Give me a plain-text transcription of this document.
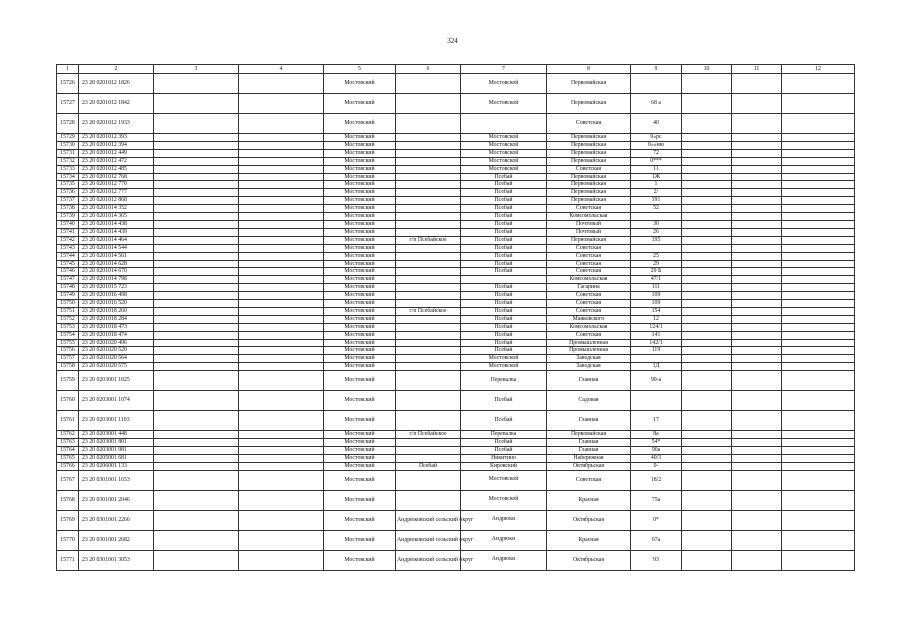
324
1	2	3	4	5	6	7	8	9	10	11	12
15726	23 20 0201012 1826			Мостовский		Мостовской	Первомайская				
15727	23 20 0201012 1842			Мостовский		Мостовской	Первомайская	68 а			
15728	23 20 0201012 1933			Мостовский			Советская	40			
15729	23 20 0201012 393			Мостовский		Мостовской	Первомайская	0«рс			
15730	23 20 0201012 394			Мостовский		Мостовской	Первомайская	0»»ню			
15731	23 20 0201012 449			Мостовский		Мостовской	Первомайская	72			
15732	23 20 0201012 472			Мостовский		Мостовской	Первомайская	0***			
15733	23 20 0201012 485			Мостовский		Мостовской	Советская	11			
15734	23 20 0201012 768			Мостовский		Псебай	Первомайская	1Ж			
15735	23 20 0201012 770			Мостовский		Псебай	Первомайская	1			
15736	23 20 0201012 777			Мостовский		Псебай	Первомайская	2/			
15737	23 20 0201012 868			Мостовский		Псебай	Первомайская	191			
15738	23 20 0201014 352			Мостовский		Псебай	Советская	52			
15739	23 20 0201014 365			Мостовский		Псебай	Комсомольская				
15740	23 20 0201014 438			Мостовский		Псебай	Почтовый	30			
15741	23 20 0201014 439			Мостовский		Псебай	Почтовый	26			
15742	23 20 0201014 464			Мостовский	г/п Псебайское	Псебай	Первомайская	195			
15743	23 20 0201014 544			Мостовский		Псебай	Советская				
15744	23 20 0201014 561			Мостовский		Псебай	Советская	25			
15745	23 20 0201014 628			Мостовский		Псебай	Советская	29			
15746	23 20 0201014 670			Мостовский		Псебай	Советская	29 Б			
15747	23 20 0201014 798			Мостовский			Комсомольская	47/1			
15748	23 20 0201015 723			Мостовский		Псебай	Гагарина	111			
15749	23 20 0201016 498			Мостовский		Псебай	Советская	109			
15750	23 20 0201016 520			Мостовский		Псебай	Советская	109			
15751	23 20 0201018 260			Мостовский	г/п Псебайское	Псебай	Советская	154			
15752	23 20 0201018 284			Мостовский		Псебай	Маяковского	12			
15753	23 20 0201018 473			Мостовский		Псебай	Комсомольская	124/1			
15754	23 20 0201018 474			Мостовский		Псебай	Советская	141			
15755	23 20 0201020 496			Мостовский		Псебай	Промышленная	142/1			
15756	23 20 0201020 520			Мостовский		Псебай	Промышленная	119			
15757	23 20 0201020 564			Мостовский		Мостовской	Заводская				
15758	23 20 0201020 575			Мостовский		Мостовской	Заводская	1Д			
15759	23 20 0203001 1025			Мостовский		Перевалка	Главная	90-а			
15760	23 20 0203001 1074			Мостовский		Псебай	Садовая				
15761	23 20 0203001 1103			Мостовский		Псебай	Главная	17			
15762	23 20 0203001 448			Мостовский	г/п Псебайское	Перевалка	Первомайская	8а			
15763	23 20 0203001 801			Мостовский		Псебай	Главная	54*			
15764	23 20 0203001 981			Мостовский		Псебай	Главная	90а			
15765	23 20 0205001 681			Мостовский		Никитино	Набережная	40/3			
15766	23 20 0206001 133			Мостовский	Псебай	Кировский	Октябрьская	0-			
15767	23 20 0301001 1653			Мостовский		Мостовской	Советская	18/2			
15768	23 20 0301001 2046			Мостовский		Мостовской	Красная	75а			
15769	23 20 0301001 2266			Мостовский	Андрюковский сельский округ	Андрюки	Октябрьская	0*			
15770	23 20 0301001 2682			Мостовский	Андрюковский сельский округ	Андрюки	Красная	67а			
15771	23 20 0301001 3053			Мостовский	Андрюковский сельский округ	Андрюки	Октябрьская	93			
